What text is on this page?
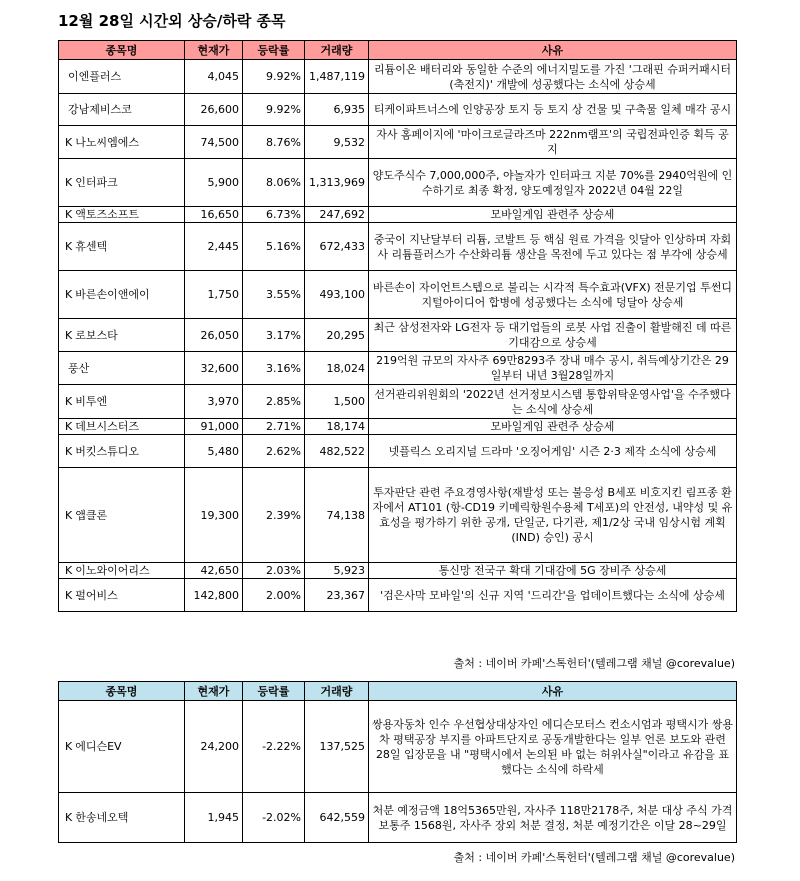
12월 28일 시간외 상승/하락 종목
종목명	현재가	등락률	거래량	사유
이엔플러스	4,045	9.92%	1,487,119	리튬이온 배터리와 동일한 수준의 에너지밀도를 가진 '그래핀 슈퍼커패시터(축전지)' 개발에 성공했다는 소식에 상승세
강남제비스코	26,600	9.92%	6,935	티케이파트너스에 인양공장 토지 등 토지 상 건물 및 구축물 일체 매각 공시
K 나노씨엠에스	74,500	8.76%	9,532	자사 홈페이지에 '마이크로글라즈마 222nm램프'의 국립전파인증 획득 공지
K 인터파크	5,900	8.06%	1,313,969	양도주식수 7,000,000주, 야놀자가 인터파크 지분 70%를 2940억원에 인수하기로 최종 확정, 양도예정일자 2022년 04월 22일
K 액토즈소프트	16,650	6.73%	247,692	모바일게임 관련주 상승세
K 휴센텍	2,445	5.16%	672,433	중국이 지난달부터 리튬, 코발트 등 핵심 원료 가격을 잇달아 인상하며 자회사 리튬플러스가 수산화리튬 생산을 목전에 두고 있다는 점 부각에 상승세
K 바른손이앤에이	1,750	3.55%	493,100	바른손이 자이언트스텝으로 불리는 시각적 특수효과(VFX) 전문기업 투썬디지털아이디어 합병에 성공했다는 소식에 덩달아 상승세
K 로보스타	26,050	3.17%	20,295	최근 삼성전자와 LG전자 등 대기업들의 로봇 사업 진출이 활발해진 데 따른 기대감으로 상승세
풍산	32,600	3.16%	18,024	219억원 규모의 자사주 69만8293주 장내 매수 공시, 취득예상기간은 29일부터 내년 3월28일까지
K 비투엔	3,970	2.85%	1,500	선거관리위원회의 '2022년 선거정보시스템 통합위탁운영사업'을 수주했다는 소식에 상승세
K 데브시스터즈	91,000	2.71%	18,174	모바일게임 관련주 상승세
K 버킷스튜디오	5,480	2.62%	482,522	넷플릭스 오리지널 드라마 '오징어게임' 시즌 2·3 제작 소식에 상승세
K 앱클론	19,300	2.39%	74,138	투자판단 관련 주요경영사항(재발성 또는 불응성 B세포 비호지킨 림프종 환자에서 AT101 (항-CD19 키메릭항원수용체 T세포)의 안전성, 내약성 및 유효성을 평가하기 위한 공개, 단일군, 다기관, 제1/2상 국내 임상시험 계획(IND) 승인) 공시
K 이노와이어리스	42,650	2.03%	5,923	통신망 전국구 확대 기대감에 5G 장비주 상승세
K 펄어비스	142,800	2.00%	23,367	'검은사막 모바일'의 신규 지역 '드리간'을 업데이트했다는 소식에 상승세
출처 : 네이버 카페'스톡헌터'(텔레그램 채널 @corevalue)
종목명	현재가	등락률	거래량	사유
K 에디슨EV	24,200	-2.22%	137,525	쌍용자동차 인수 우선협상대상자인 에디슨모터스 컨소시엄과 평택시가 쌍용차 평택공장 부지를 아파트단지로 공동개발한다는 일부 언론 보도와 관련 28일 입장문을 내 "평택시에서 논의된 바 없는 허위사실"이라고 유감을 표했다는 소식에 하락세
K 한송네오텍	1,945	-2.02%	642,559	처분 예정금액 18억5365만원, 자사주 118만2178주, 처분 대상 주식 가격 보통주 1568원, 자사주 장외 처분 결정, 처분 예정기간은 이달 28~29일
출처 : 네이버 카페'스톡헌터'(텔레그램 채널 @corevalue)
